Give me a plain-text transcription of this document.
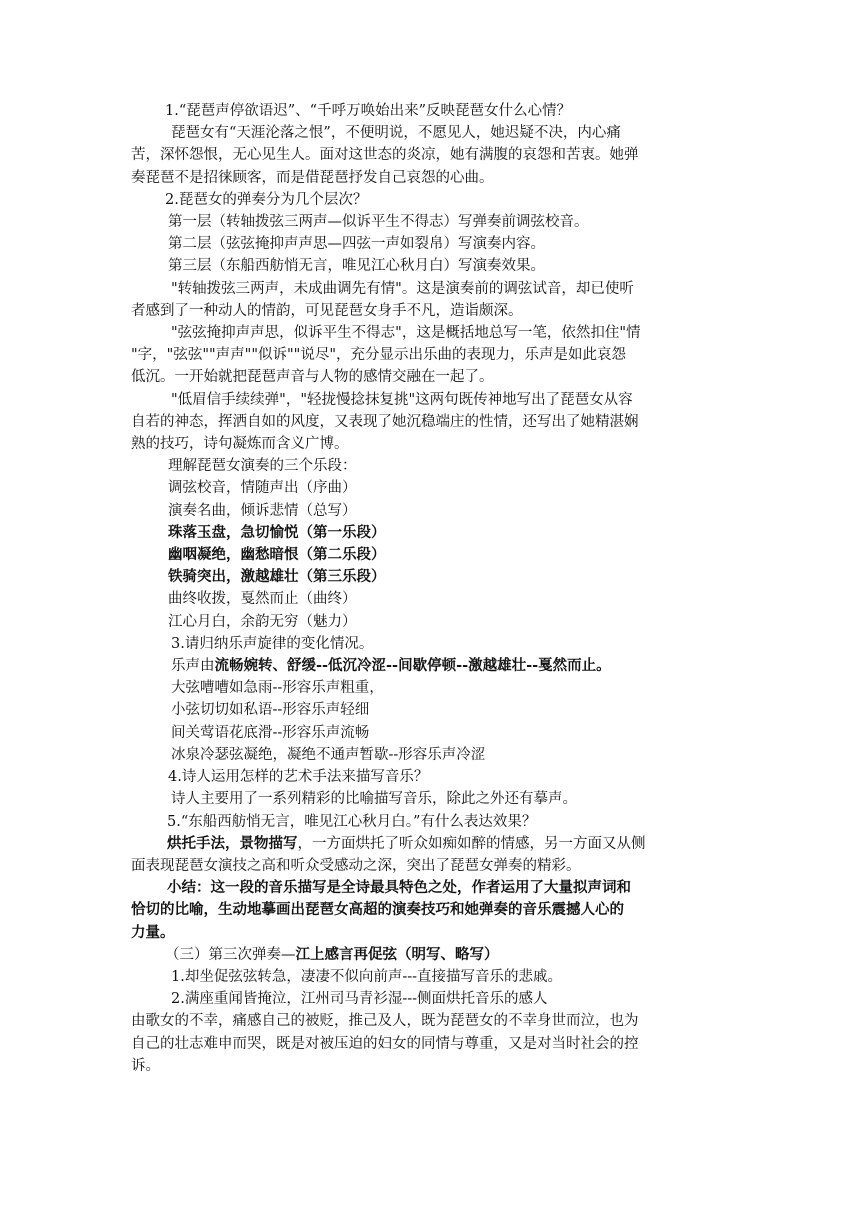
1.“琵琶声停欲语迟”、“千呼万唤始出来”反映琵琶女什么心情？
琵琶女有“天涯沦落之恨”，不便明说，不愿见人，她迟疑不决，内心痛
苦，深怀怨恨，无心见生人。面对这世态的炎凉，她有满腹的哀怨和苦衷。她弹
奏琵琶不是招徕顾客，而是借琵琶抒发自己哀怨的心曲。
2.琵琶女的弹奏分为几个层次？
第一层（转轴拨弦三两声—似诉平生不得志）写弹奏前调弦校音。
第二层（弦弦掩抑声声思—四弦一声如裂帛）写演奏内容。
第三层（东船西舫悄无言，唯见江心秋月白）写演奏效果。
"转轴拨弦三两声，未成曲调先有情"。这是演奏前的调弦试音，却已使听
者感到了一种动人的情韵，可见琵琶女身手不凡，造诣颇深。
"弦弦掩抑声声思，似诉平生不得志"，这是概括地总写一笔，依然扣住"情
"字，"弦弦""声声""似诉""说尽"，充分显示出乐曲的表现力，乐声是如此哀怨
低沉。一开始就把琵琶声音与人物的感情交融在一起了。
"低眉信手续续弹"，"轻拢慢捻抹复挑"这两句既传神地写出了琵琶女从容
自若的神态，挥洒自如的风度，又表现了她沉稳端庄的性情，还写出了她精湛娴
熟的技巧，诗句凝炼而含义广博。
理解琵琶女演奏的三个乐段：
调弦校音，情随声出（序曲）
演奏名曲，倾诉悲情（总写）
珠落玉盘，急切愉悦（第一乐段）
幽咽凝绝，幽愁暗恨（第二乐段）
铁骑突出，激越雄壮（第三乐段）
曲终收拨，戛然而止（曲终）
江心月白，余韵无穷（魅力）
3.请归纳乐声旋律的变化情况。
乐声由流畅婉转、舒缓--低沉冷涩--间歇停顿--激越雄壮--戛然而止。
大弦嘈嘈如急雨--形容乐声粗重，
小弦切切如私语--形容乐声轻细
间关莺语花底滑--形容乐声流畅
冰泉冷瑟弦凝绝，凝绝不通声暂歇--形容乐声冷涩
4.诗人运用怎样的艺术手法来描写音乐？
诗人主要用了一系列精彩的比喻描写音乐，除此之外还有摹声。
5.“东船西舫悄无言，唯见江心秋月白。”有什么表达效果？
烘托手法，景物描写，一方面烘托了听众如痴如醉的情感，另一方面又从侧
面表现琵琶女演技之高和听众受感动之深，突出了琵琶女弹奏的精彩。
小结：这一段的音乐描写是全诗最具特色之处，作者运用了大量拟声词和
恰切的比喻，生动地摹画出琵琶女高超的演奏技巧和她弹奏的音乐震撼人心的
力量。
（三）第三次弹奏—江上感言再促弦（明写、略写）
1.却坐促弦弦转急，凄凄不似向前声---直接描写音乐的悲戚。
2.满座重闻皆掩泣，江州司马青衫湿---侧面烘托音乐的感人
由歌女的不幸，痛感自己的被贬，推己及人，既为琵琶女的不幸身世而泣，也为
自己的壮志难申而哭，既是对被压迫的妇女的同情与尊重，又是对当时社会的控
诉。
